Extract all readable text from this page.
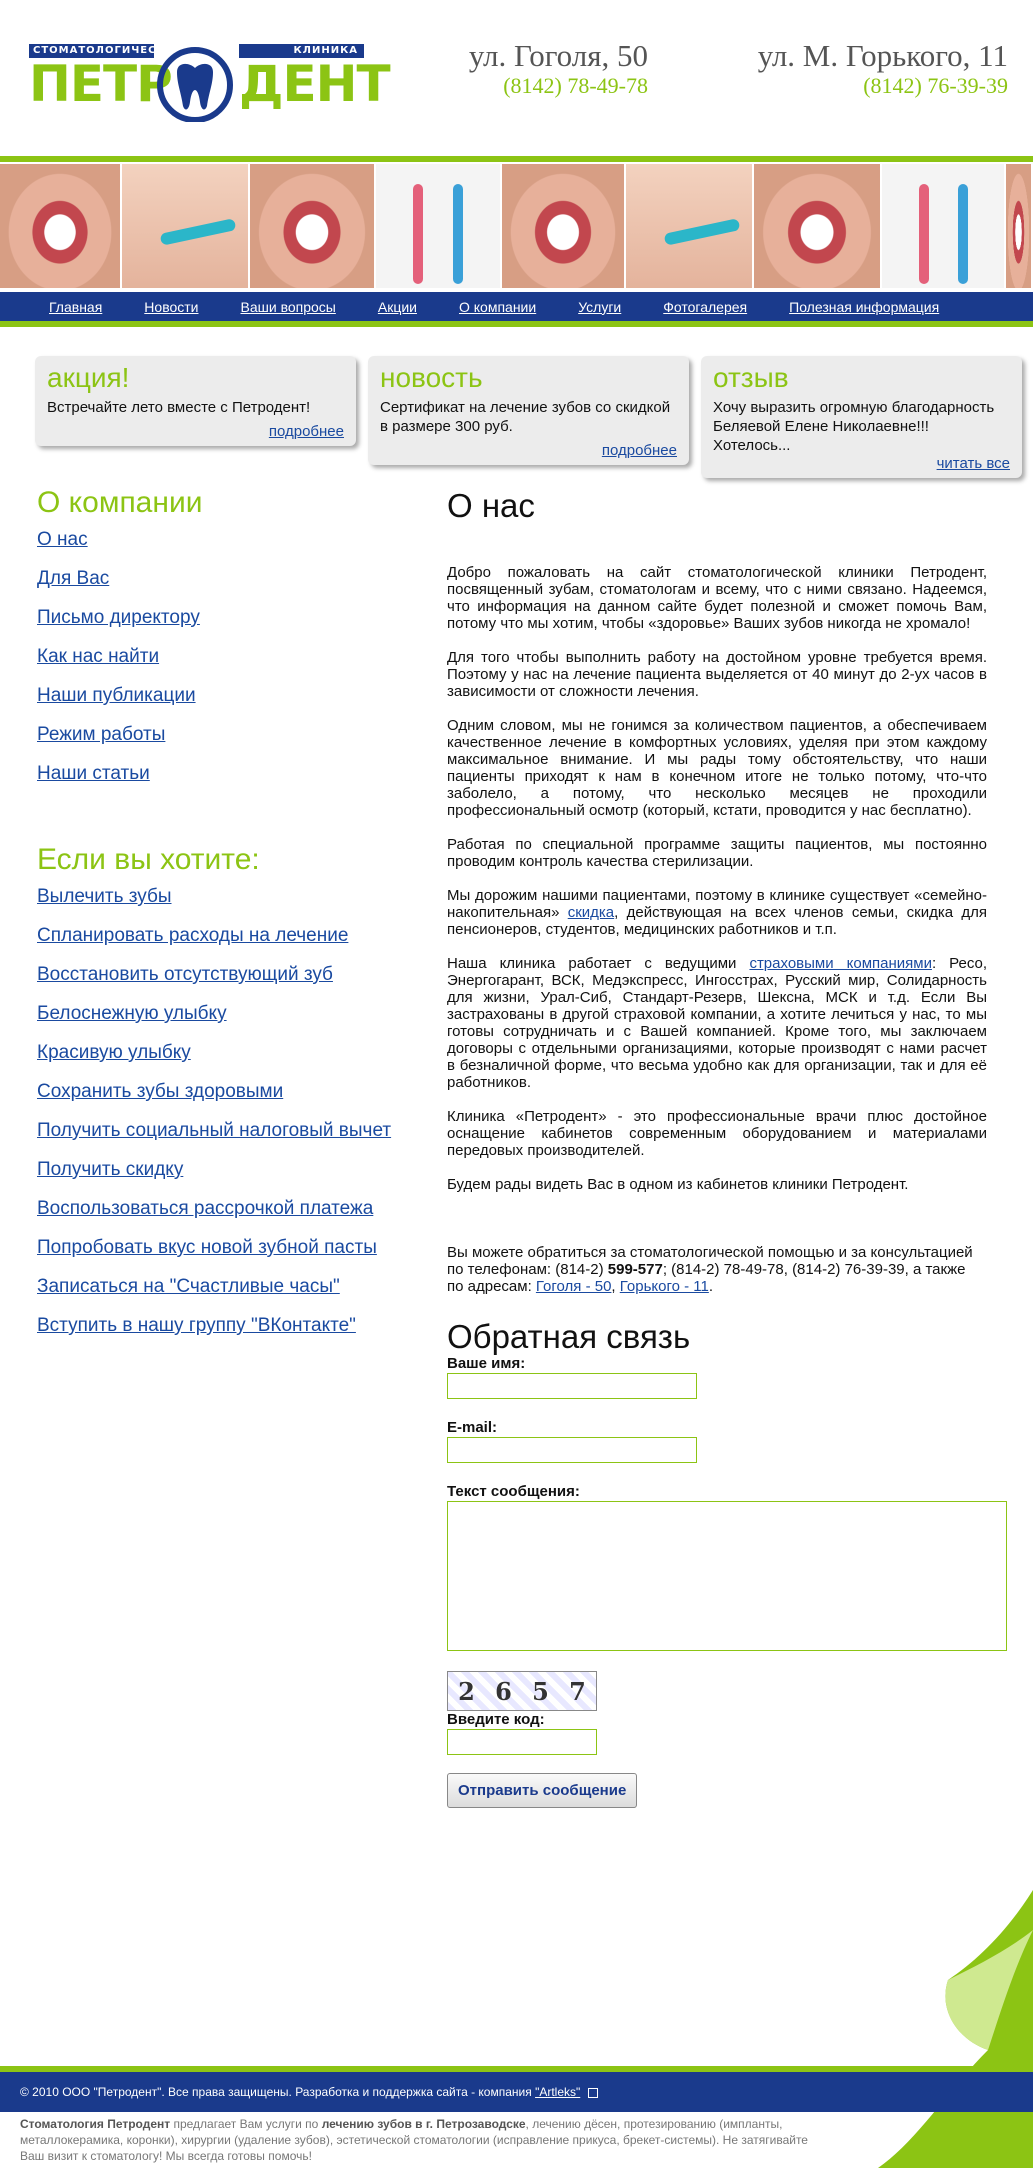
СТОМАТОЛОГИЧЕСКАЯ	КЛИНИКА
ПЕТР ДЕНТ	ул. Гоголя, 50
(8142) 78-49-78
ул. М. Горького, 11
(8142) 76-39-39
Главная	Новости	Ваши вопросы	Акции	О компании	Услуги	Фотогалерея	Полезная информация
акция!

Встречайте лето вместе с Петродент!

подробнее
новость

Сертификат на лечение зубов со скидкой в размере 300 руб.

подробнее
отзыв

Хочу выразить огромную благодарность Беляевой Елене Николаевне!!! Хотелось...

читать все
О компании
О нас
Для Вас
Письмо директору
Как нас найти
Наши публикации
Режим работы
Наши статьи
Если вы хотите:
Вылечить зубы
Спланировать расходы на лечение
Восстановить отсутствующий зуб
Белоснежную улыбку
Красивую улыбку
Сохранить зубы здоровыми
Получить социальный налоговый вычет
Получить скидку
Воспользоваться рассрочкой платежа
Попробовать вкус новой зубной пасты
Записаться на "Счастливые часы"
Вступить в нашу группу "ВКонтакте"
О нас

Добро пожаловать на сайт стоматологической клиники Петродент, посвященный зубам, стоматологам и всему, что с ними связано. Надеемся, что информация на данном сайте будет полезной и сможет помочь Вам, потому что мы хотим, чтобы «здоровье» Ваших зубов никогда не хромало!

Для того чтобы выполнить работу на достойном уровне требуется время. Поэтому у нас на лечение пациента выделяется от 40 минут до 2-ух часов в зависимости от сложности лечения.

Одним словом, мы не гонимся за количеством пациентов, а обеспечиваем качественное лечение в комфортных условиях, уделяя при этом каждому максимальное внимание. И мы рады тому обстоятельству, что наши пациенты приходят к нам в конечном итоге не только потому, что-что заболело, а потому, что несколько месяцев не проходили профессиональный осмотр (который, кстати, проводится у нас бесплатно).

Работая по специальной программе защиты пациентов, мы постоянно проводим контроль качества стерилизации.

Мы дорожим нашими пациентами, поэтому в клинике существует «семейно-накопительная» скидка, действующая на всех членов семьи, скидка для пенсионеров, студентов, медицинских работников и т.п.

Наша клиника работает с ведущими страховыми компаниями: Ресо, Энергогарант, ВСК, Медэкспресс, Ингосстрах, Русский мир, Солидарность для жизни, Урал-Сиб, Стандарт-Резерв, Шексна, МСК и т.д. Если Вы застрахованы в другой страховой компании, а хотите лечиться у нас, то мы готовы сотрудничать и с Вашей компанией. Кроме того, мы заключаем договоры с отдельными организациями, которые производят с нами расчет в безналичной форме, что весьма удобно как для организации, так и для её работников.

Клиника «Петродент» - это профессиональные врачи плюс достойное оснащение кабинетов современным оборудованием и материалами передовых производителей.

Будем рады видеть Вас в одном из кабинетов клиники Петродент.

Вы можете обратиться за стоматологической помощью и за консультацией

по телефонам: (814-2) 599-577; (814-2) 78-49-78, (814-2) 76-39-39, а также

по адресам: Гоголя - 50, Горького - 11.

Обратная связь
Ваше имя:
E-mail:
Текст сообщения:
2 6 5 7
Введите код:
Отправить сообщение
© 2010 ООО "Петродент". Все права защищены. Разработка и поддержка сайта - компания "Artleks"
Стоматология Петродент предлагает Вам услуги по лечению зубов в г. Петрозаводске, лечению дёсен, протезированию (импланты, металлокерамика, коронки), хирургии (удаление зубов), эстетической стоматологии (исправление прикуса, брекет-системы). Не затягивайте Ваш визит к стоматологу! Мы всегда готовы помочь!
